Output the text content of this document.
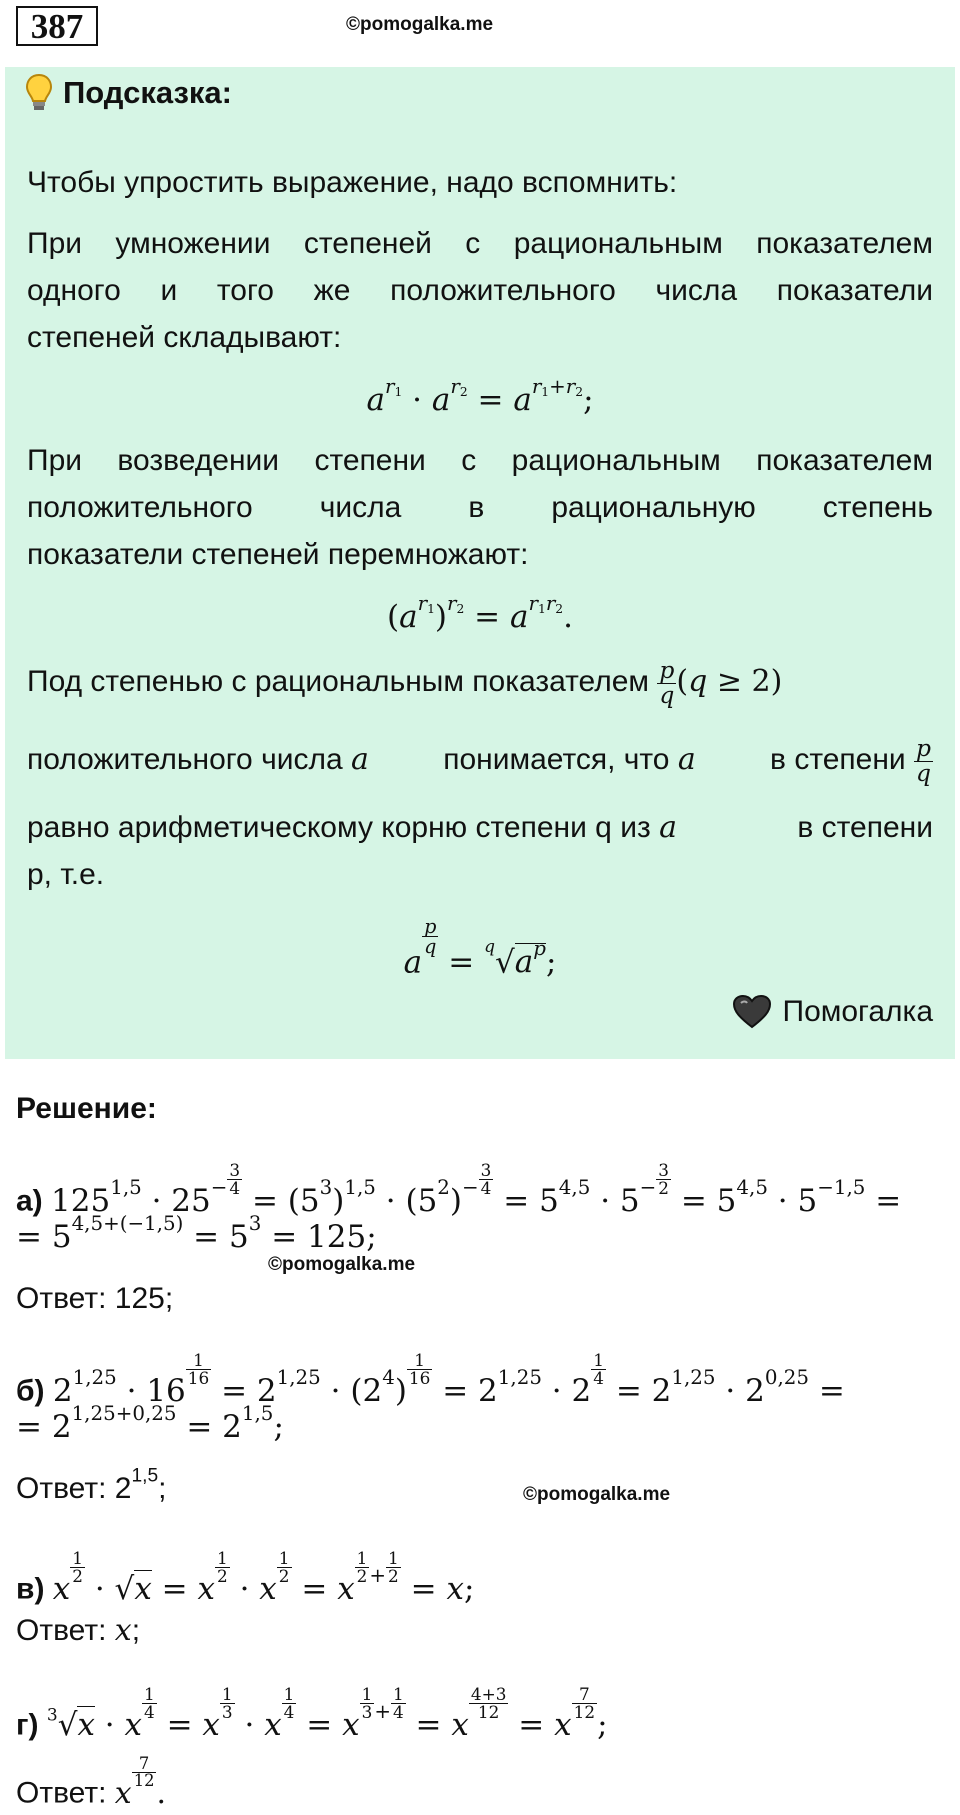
387	©pomogalka.me
Подсказка:
Чтобы упростить выражение, надо вспомнить:
При умножении степеней с рациональным показателем
одного и того же положительного числа показатели
степеней складывают:
$a^{r_1} \cdot a^{r_2} = a^{r_1+r_2}$;
При возведении степени с рациональным показателем
положительного числа в рациональную степень
показатели степеней перемножают:
$(a^{r_1})^{r_2} = a^{r_1r_2}$.
Под степенью с рациональным показателем $\frac{p}{q} (q \ge 2)$
положительного числа a понимается, что a в степени $\frac{p}{q}$
равно арифметическому корню степени q из a	в степени
p, т.е.
a
$\frac{p}{q}$
= $^q√a^p$;
Помогалка
Решение:
а) $125^{1,5} \cdot 25^{- \frac{3}{4}}$
= $(5^3)^{1,5} \cdot (5^2)^{- \frac{3}{4}}$
= $5^{4,5} \cdot 5^{- \frac{3}{2}}$
= $5^{4,5} \cdot 5^{-1,5}$ =
= $5^{4,5+(-1,5)} = 5^3 = 125$;
©pomogalka.me
Ответ: 125;
б) $2^{1,25} \cdot 16$
$^{\frac{1}{16}}$
= $2^{1,25} \cdot (2^4)$
$^{\frac{1}{16}}$
= $2^{1,25} \cdot 2$
$^{\frac{1}{4}}$
= $2^{1,25} \cdot 2^{0,25}$ =
= $2^{1,25+0,25} = 2^{1,5}$;
Ответ: 2$^{1,5}$;	©pomogalka.me
в) x
$^{\frac{1}{2}}$
· √x = x
$^{\frac{1}{2}}$
· x
$^{\frac{1}{2}}$
= x
$^{\frac{1}{2} + \frac{1}{2}}$
= x;
Ответ: x;
г) $^3$√x · x
$^{\frac{1}{4}}$
= x
$^{\frac{1}{3}}$
· x
$^{\frac{1}{4}}$
= x
$^{\frac{1}{3} + \frac{1}{4}}$
= x
$^{\frac{4+3}{12}}$
= x
$^{\frac{7}{12}}$
;
Ответ: x
$^{\frac{7}{12}}$
.
